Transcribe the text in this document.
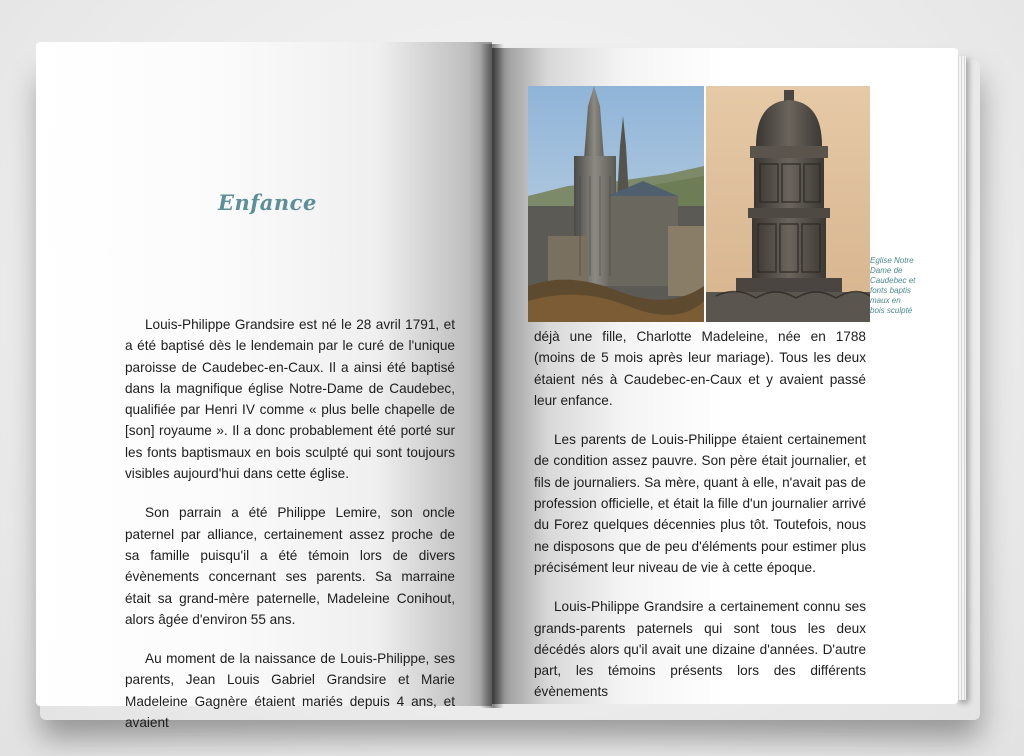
Enfance

Louis-Philippe Grandsire est né le 28 avril 1791, et a été baptisé dès le lendemain par le curé de l'unique paroisse de Caudebec-en-Caux. Il a ainsi été baptisé dans la magnifique église Notre-Dame de Caudebec, qualifiée par Henri IV comme « plus belle chapelle de [son] royaume ». Il a donc probablement été porté sur les fonts baptismaux en bois sculpté qui sont toujours visibles aujourd'hui dans cette église.

Son parrain a été Philippe Lemire, son oncle paternel par alliance, certainement assez proche de sa famille puisqu'il a été témoin lors de divers évènements concernant ses parents. Sa marraine était sa grand-mère paternelle, Madeleine Conihout, alors âgée d'environ 55 ans.

Au moment de la naissance de Louis-Philippe, ses parents, Jean Louis Gabriel Grandsire et Marie Madeleine Gagnère étaient mariés depuis 4 ans, et avaient

Eglise Notre
Dame de
Caudebec et
fonts baptis
maux en
bois sculpté

déjà une fille, Charlotte Madeleine, née en 1788 (moins de 5 mois après leur mariage). Tous les deux étaient nés à Caudebec-en-Caux et y avaient passé leur enfance.

Les parents de Louis-Philippe étaient certainement de condition assez pauvre. Son père était journalier, et fils de journaliers. Sa mère, quant à elle, n'avait pas de profession officielle, et était la fille d'un journalier arrivé du Forez quelques décennies plus tôt. Toutefois, nous ne disposons que de peu d'éléments pour estimer plus précisément leur niveau de vie à cette époque.

Louis-Philippe Grandsire a certainement connu ses grands-parents paternels qui sont tous les deux décédés alors qu'il avait une dizaine d'années. D'autre part, les témoins présents lors des différents évènements
